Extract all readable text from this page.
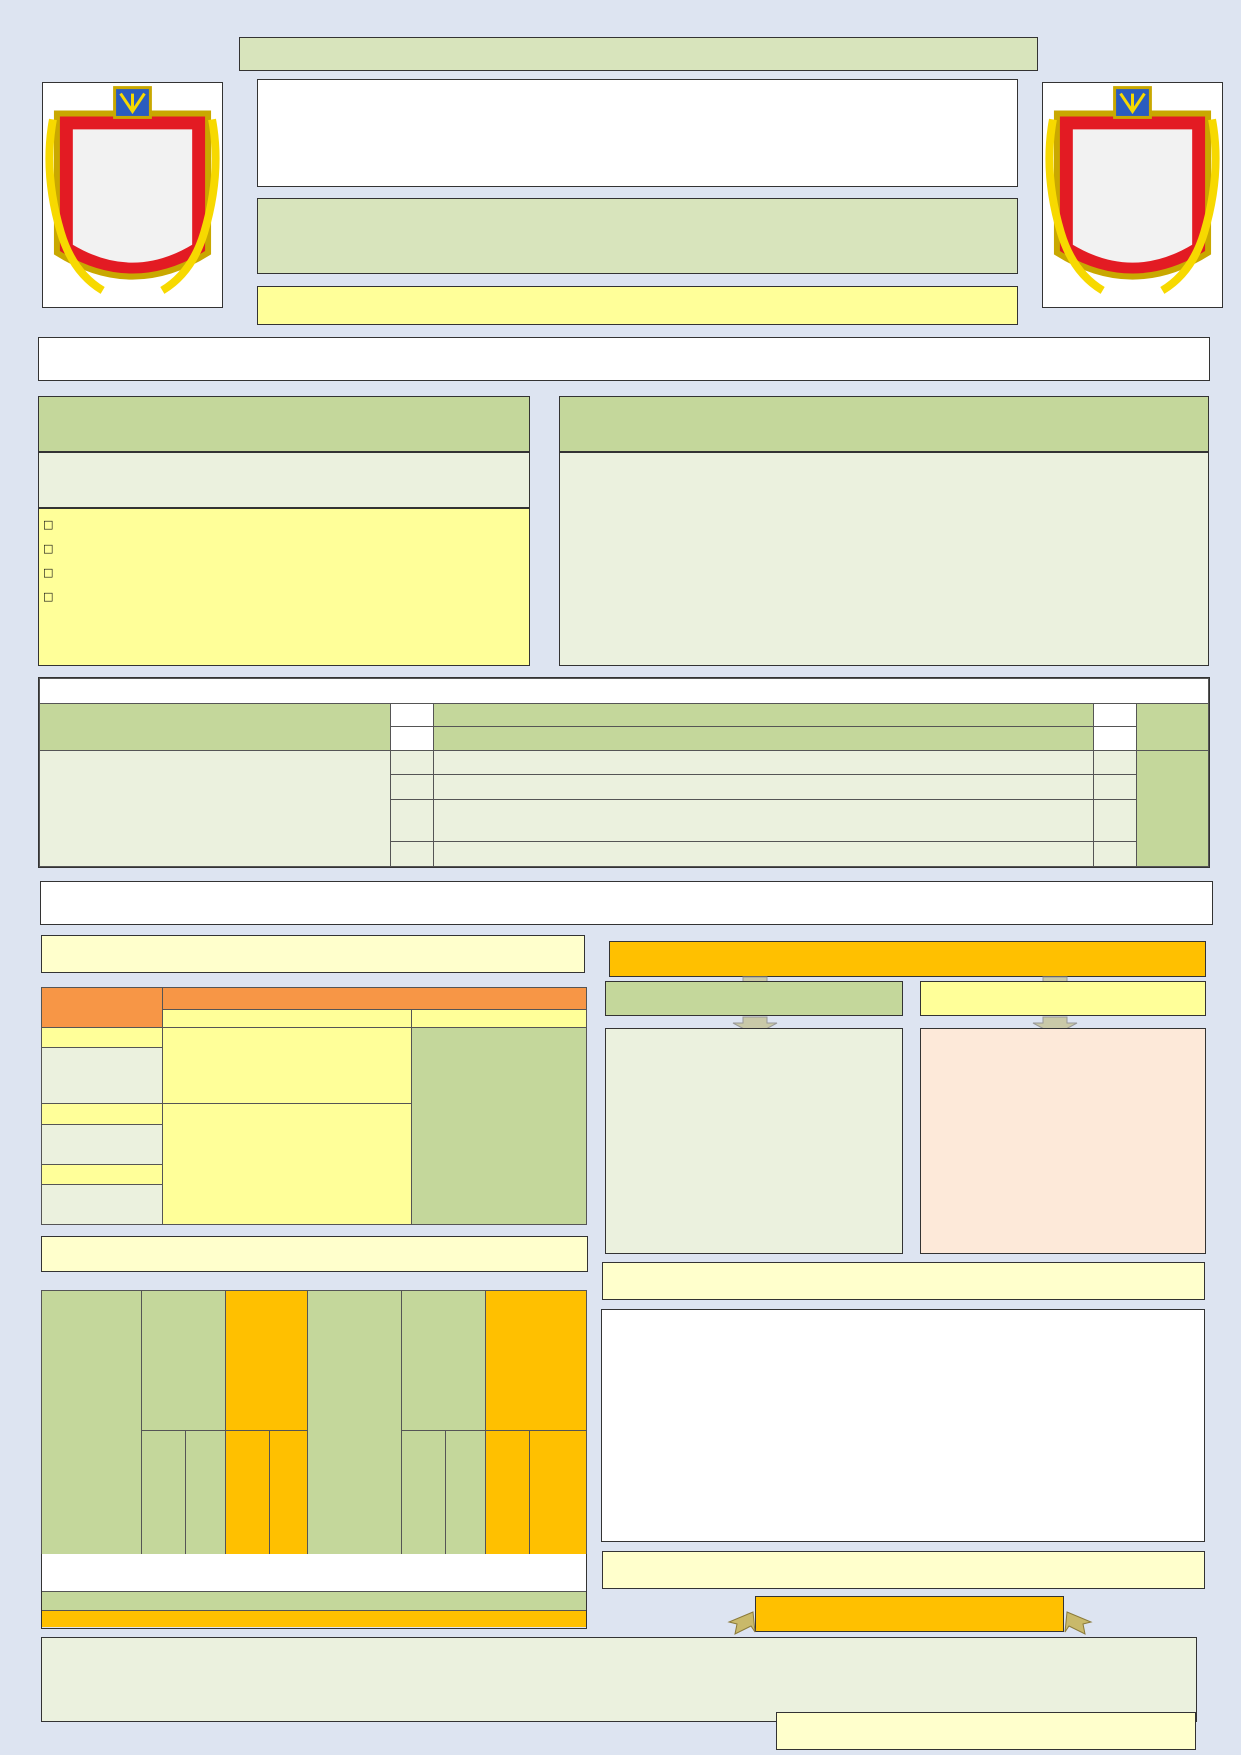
□
□
□
□
